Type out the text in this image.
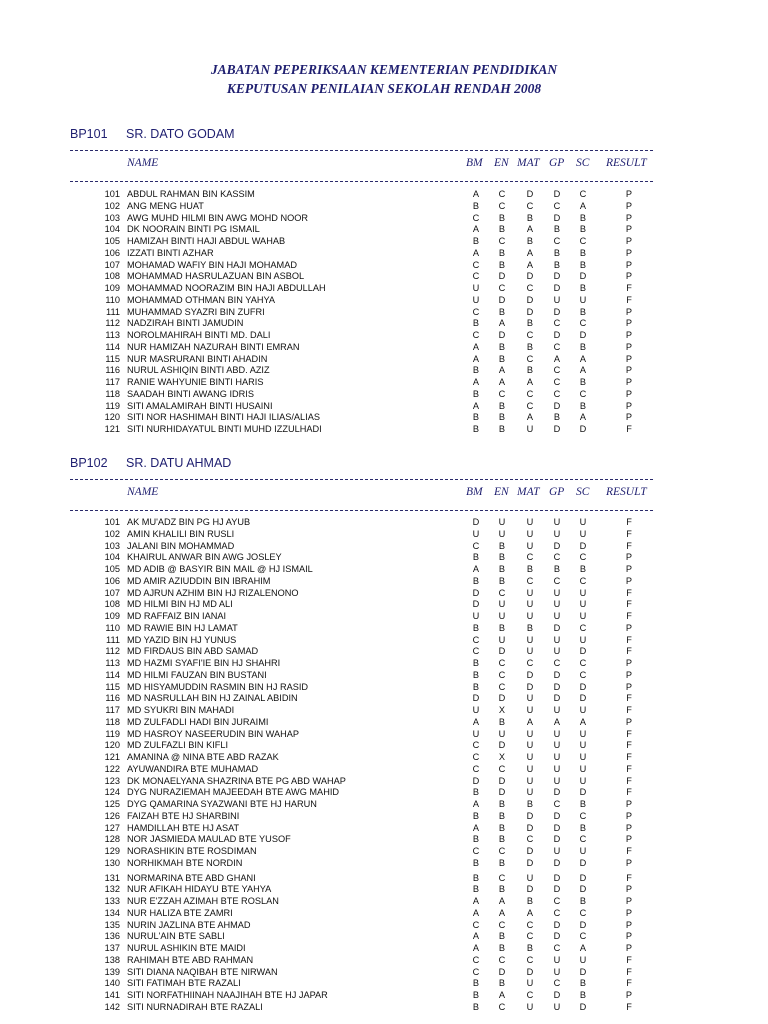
JABATAN PEPERIKSAAN KEMENTERIAN PENDIDIKAN
KEPUTUSAN PENILAIAN SEKOLAH RENDAH 2008
BP101 SR. DATO GODAM
NAME	BM EN MAT GP SC RESULT
101 ABDUL RAHMAN BIN KASSIM	A	C	D	D	C	P
102 ANG MENG HUAT	B	C	C	C	A	P
103 AWG MUHD HILMI BIN AWG MOHD NOOR	C	B	B	D	B	P
104 DK NOORAIN BINTI PG ISMAIL	A	B	A	B	B	P
105 HAMIZAH BINTI HAJI ABDUL WAHAB	B	C	B	C	C	P
106 IZZATI BINTI AZHAR	A	B	A	B	B	P
107 MOHAMAD WAFIY BIN HAJI MOHAMAD	C	B	A	B	B	P
108 MOHAMMAD HASRULAZUAN BIN ASBOL	C	D	D	D	D	P
109 MOHAMMAD NOORAZIM BIN HAJI ABDULLAH	U	C	C	D	B	F
110 MOHAMMAD OTHMAN BIN YAHYA	U	D	D	U	U	F
111 MUHAMMAD SYAZRI BIN ZUFRI	C	B	D	D	B	P
112 NADZIRAH BINTI JAMUDIN	B	A	B	C	C	P
113 NOROLMAHIRAH BINTI MD. DALI	C	D	C	D	D	P
114 NUR HAMIZAH NAZURAH BINTI EMRAN	A	B	B	C	B	P
115 NUR MASRURANI BINTI AHADIN	A	B	C	A	A	P
116 NURUL ASHIQIN BINTI ABD. AZIZ	B	A	B	C	A	P
117 RANIE WAHYUNIE BINTI HARIS	A	A	A	C	B	P
118 SAADAH BINTI AWANG IDRIS	B	C	C	C	C	P
119 SITI AMALAMIRAH BINTI HUSAINI	A	B	C	D	B	P
120 SITI NOR HASHIMAH BINTI HAJI ILIAS/ALIAS	B	B	A	B	A	P
121 SITI NURHIDAYATUL BINTI MUHD IZZULHADI	B	B	U	D	D	F
BP102 SR. DATU AHMAD
NAME	BM EN MAT GP SC RESULT
101 AK MU'ADZ BIN PG HJ AYUB	D	U	U	U	U	F
102 AMIN KHALILI BIN RUSLI	U	U	U	U	U	F
103 JALANI BIN MOHAMMAD	C	B	U	D	D	F
104 KHAIRUL ANWAR BIN AWG JOSLEY	B	B	C	C	C	P
105 MD ADIB @ BASYIR BIN MAIL @ HJ ISMAIL	A	B	B	B	B	P
106 MD AMIR AZIUDDIN BIN IBRAHIM	B	B	C	C	C	P
107 MD AJRUN AZHIM BIN HJ RIZALENONO	D	C	U	U	U	F
108 MD HILMI BIN HJ MD ALI	D	U	U	U	U	F
109 MD RAFFAIZ BIN IANAI	U	U	U	U	U	F
110 MD RAWIE BIN HJ LAMAT	B	B	B	D	C	P
111 MD YAZID BIN HJ YUNUS	C	U	U	U	U	F
112 MD FIRDAUS BIN ABD SAMAD	C	D	U	U	D	F
113 MD HAZMI SYAFI'IE BIN HJ SHAHRI	B	C	C	C	C	P
114 MD HILMI FAUZAN BIN BUSTANI	B	C	D	D	C	P
115 MD HISYAMUDDIN RASMIN BIN HJ RASID	B	C	D	D	D	P
116 MD NASRULLAH BIN HJ ZAINAL ABIDIN	D	D	U	D	D	F
117 MD SYUKRI BIN MAHADI	U	X	U	U	U	F
118 MD ZULFADLI HADI BIN JURAIMI	A	B	A	A	A	P
119 MD HASROY NASEERUDIN BIN WAHAP	U	U	U	U	U	F
120 MD ZULFAZLI BIN KIFLI	C	D	U	U	U	F
121 AMANINA @ NINA BTE ABD RAZAK	C	X	U	U	U	F
122 AYUWANDIRA BTE MUHAMAD	C	C	U	U	U	F
123 DK MONAELYANA SHAZRINA BTE PG ABD WAHAP	D	D	U	U	U	F
124 DYG NURAZIEMAH MAJEEDAH BTE AWG MAHID	B	D	U	D	D	F
125 DYG QAMARINA SYAZWANI BTE HJ HARUN	A	B	B	C	B	P
126 FAIZAH BTE HJ SHARBINI	B	B	D	D	C	P
127 HAMDILLAH BTE HJ ASAT	A	B	D	D	B	P
128 NOR JASMIEDA MAULAD BTE YUSOF	B	B	C	D	C	P
129 NORASHIKIN BTE ROSDIMAN	C	C	D	U	U	F
130 NORHIKMAH BTE NORDIN	B	B	D	D	D	P
131 NORMARINA BTE ABD GHANI	B	C	U	D	D	F
132 NUR AFIKAH HIDAYU BTE YAHYA	B	B	D	D	D	P
133 NUR E'ZZAH AZIMAH BTE ROSLAN	A	A	B	C	B	P
134 NUR HALIZA BTE ZAMRI	A	A	A	C	C	P
135 NURIN JAZLINA BTE AHMAD	C	C	C	D	D	P
136 NURUL'AIN BTE SABLI	A	B	C	D	C	P
137 NURUL ASHIKIN BTE MAIDI	A	B	B	C	A	P
138 RAHIMAH BTE ABD RAHMAN	C	C	C	U	U	F
139 SITI DIANA NAQIBAH BTE NIRWAN	C	D	D	U	D	F
140 SITI FATIMAH BTE RAZALI	B	B	U	C	B	F
141 SITI NORFATHIINAH NAAJIHAH BTE HJ JAPAR	B	A	C	D	B	P
142 SITI NURNADIRAH BTE RAZALI	B	C	U	U	D	F
